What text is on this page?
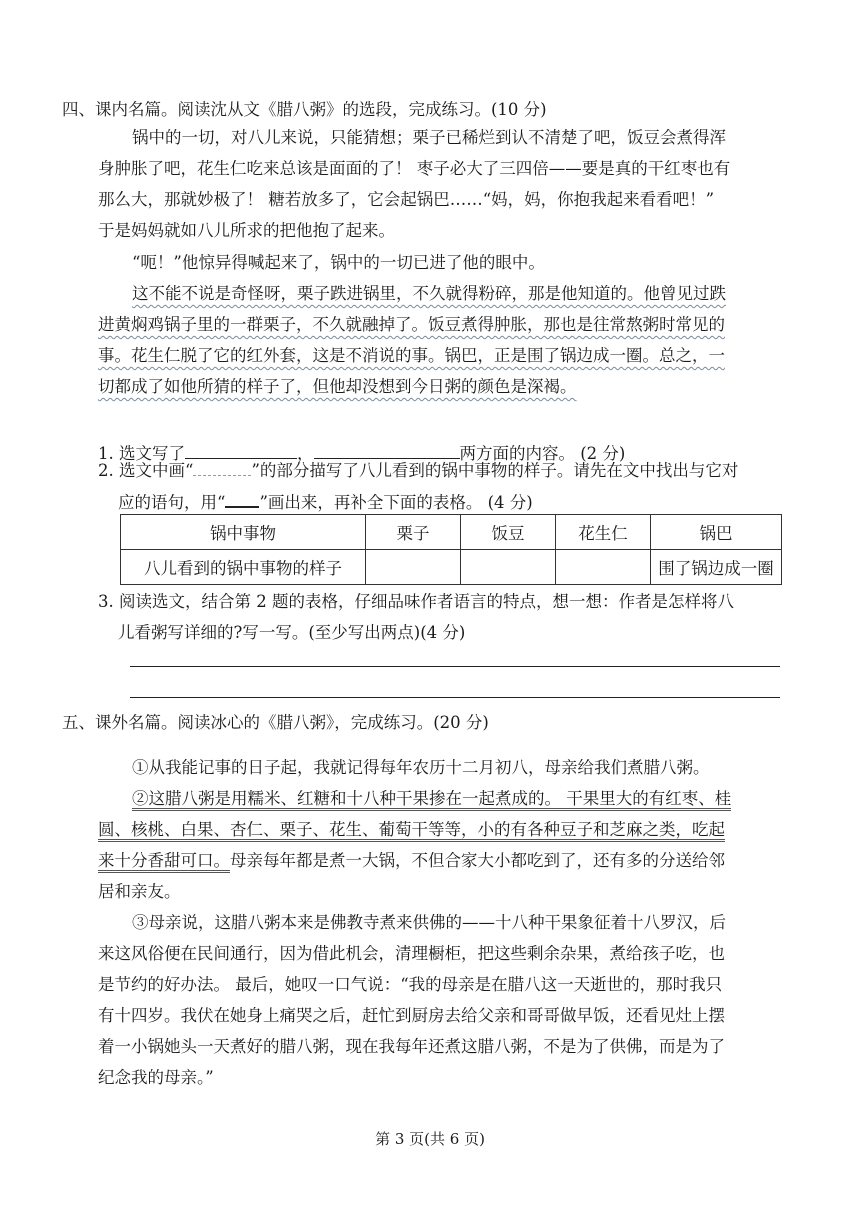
四、课内名篇。阅读沈从文《腊八粥》的选段，完成练习。(10 分)
锅中的一切，对八儿来说，只能猜想；栗子已稀烂到认不清楚了吧，饭豆会煮得浑
身肿胀了吧，花生仁吃来总该是面面的了！ 枣子必大了三四倍——要是真的干红枣也有
那么大，那就妙极了！ 糖若放多了，它会起锅巴……“妈，妈，你抱我起来看看吧！”
于是妈妈就如八儿所求的把他抱了起来。
“呃！”他惊异得喊起来了，锅中的一切已进了他的眼中。
这不能不说是奇怪呀，栗子跌进锅里，不久就得粉碎，那是他知道的。他曾见过跌
进黄焖鸡锅子里的一群栗子，不久就融掉了。饭豆煮得肿胀，那也是往常熬粥时常见的
事。花生仁脱了它的红外套，这是不消说的事。锅巴，正是围了锅边成一圈。总之，一
切都成了如他所猜的样子了，但他却没想到今日粥的颜色是深褐。
1. 选文写了	，	两方面的内容。 (2 分)
2. 选文中画“	”的部分描写了八儿看到的锅中事物的样子。请先在文中找出与它对
应的语句，用“ ”画出来，再补全下面的表格。 (4 分)
锅中事物	栗子	饭豆	花生仁	锅巴
八儿看到的锅中事物的样子				围了锅边成一圈
3. 阅读选文，结合第 2 题的表格，仔细品味作者语言的特点，想一想：作者是怎样将八
儿看粥写详细的?写一写。(至少写出两点)(4 分)
五、课外名篇。阅读冰心的《腊八粥》，完成练习。(20 分)
①从我能记事的日子起，我就记得每年农历十二月初八，母亲给我们煮腊八粥。
②这腊八粥是用糯米、红糖和十八种干果掺在一起煮成的。 干果里大的有红枣、桂
圆、核桃、白果、杏仁、栗子、花生、葡萄干等等，小的有各种豆子和芝麻之类，吃起
来十分香甜可口。母亲每年都是煮一大锅，不但合家大小都吃到了，还有多的分送给邻
居和亲友。
③母亲说，这腊八粥本来是佛教寺煮来供佛的——十八种干果象征着十八罗汉，后
来这风俗便在民间通行，因为借此机会，清理橱柜，把这些剩余杂果，煮给孩子吃，也
是节约的好办法。 最后，她叹一口气说：“我的母亲是在腊八这一天逝世的，那时我只
有十四岁。我伏在她身上痛哭之后，赶忙到厨房去给父亲和哥哥做早饭，还看见灶上摆
着一小锅她头一天煮好的腊八粥，现在我每年还煮这腊八粥，不是为了供佛，而是为了
纪念我的母亲。”
第 3 页(共 6 页)
